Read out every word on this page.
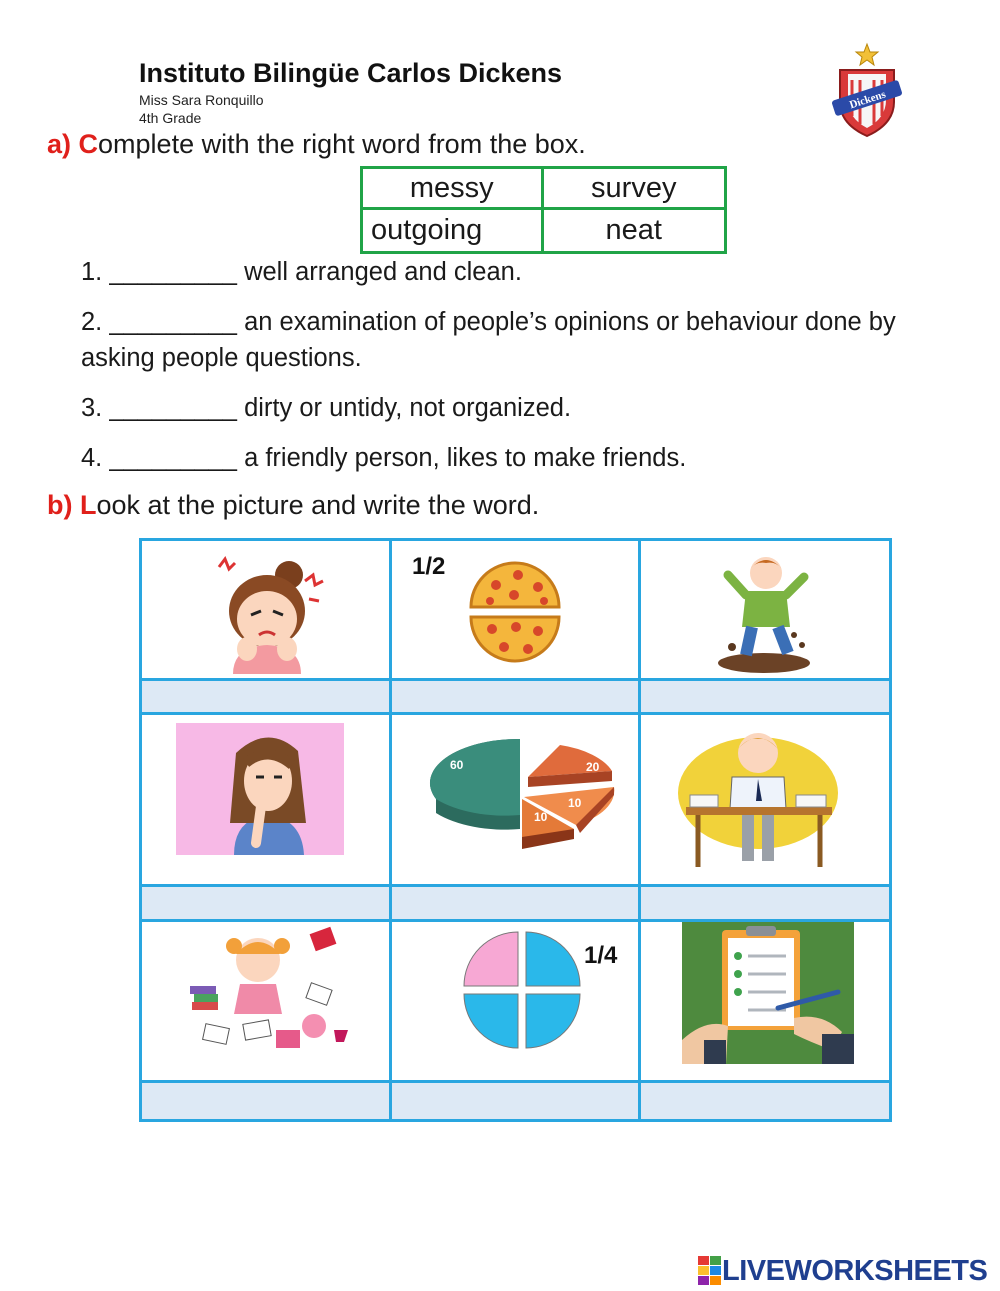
Instituto Bilingüe Carlos Dickens
Miss Sara Ronquillo
4th Grade
Dickens
a) Complete with the right word from the box.
messy	survey
outgoing	neat
1. _________ well arranged and clean.
2. _________ an examination of people’s opinions or behaviour done by asking people questions.
3. _________ dirty or untidy, not organized.
4. _________ a friendly person, likes to make friends.
b) Look at the picture and write the word.
1/2
60	20
10
10
1/4
LIVEWORKSHEETS
